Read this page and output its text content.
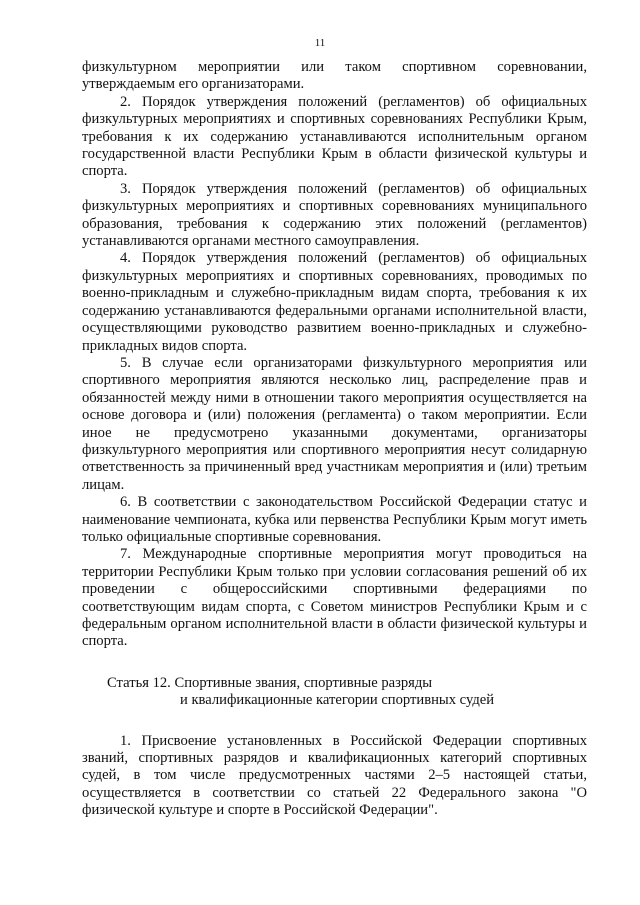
11

физкультурном мероприятии или таком спортивном соревновании, утверждаемым его организаторами.

2. Порядок утверждения положений (регламентов) об официальных физкультурных мероприятиях и спортивных соревнованиях Республики Крым, требования к их содержанию устанавливаются исполнительным органом государственной власти Республики Крым в области физической культуры и спорта.

3. Порядок утверждения положений (регламентов) об официальных физкультурных мероприятиях и спортивных соревнованиях муниципального образования, требования к содержанию этих положений (регламентов) устанавливаются органами местного самоуправления.

4. Порядок утверждения положений (регламентов) об официальных физкультурных мероприятиях и спортивных соревнованиях, проводимых по военно-прикладным и служебно-прикладным видам спорта, требования к их содержанию устанавливаются федеральными органами исполнительной власти, осуществляющими руководство развитием военно-прикладных и служебно-прикладных видов спорта.

5. В случае если организаторами физкультурного мероприятия или спортивного мероприятия являются несколько лиц, распределение прав и обязанностей между ними в отношении такого мероприятия осуществляется на основе договора и (или) положения (регламента) о таком мероприятии. Если иное не предусмотрено указанными документами, организаторы физкультурного мероприятия или спортивного мероприятия несут солидарную ответственность за причиненный вред участникам мероприятия и (или) третьим лицам.

6. В соответствии с законодательством Российской Федерации статус и наименование чемпионата, кубка или первенства Республики Крым могут иметь только официальные спортивные соревнования.

7. Международные спортивные мероприятия могут проводиться на территории Республики Крым только при условии согласования решений об их проведении с общероссийскими спортивными федерациями по соответствующим видам спорта, с Советом министров Республики Крым и с федеральным органом исполнительной власти в области физической культуры и спорта.

Статья 12. Спортивные звания, спортивные разряды
и квалификационные категории спортивных судей

1. Присвоение установленных в Российской Федерации спортивных званий, спортивных разрядов и квалификационных категорий спортивных судей, в том числе предусмотренных частями 2–5 настоящей статьи, осуществляется в соответствии со статьей 22 Федерального закона "О физической культуре и спорте в Российской Федерации".
